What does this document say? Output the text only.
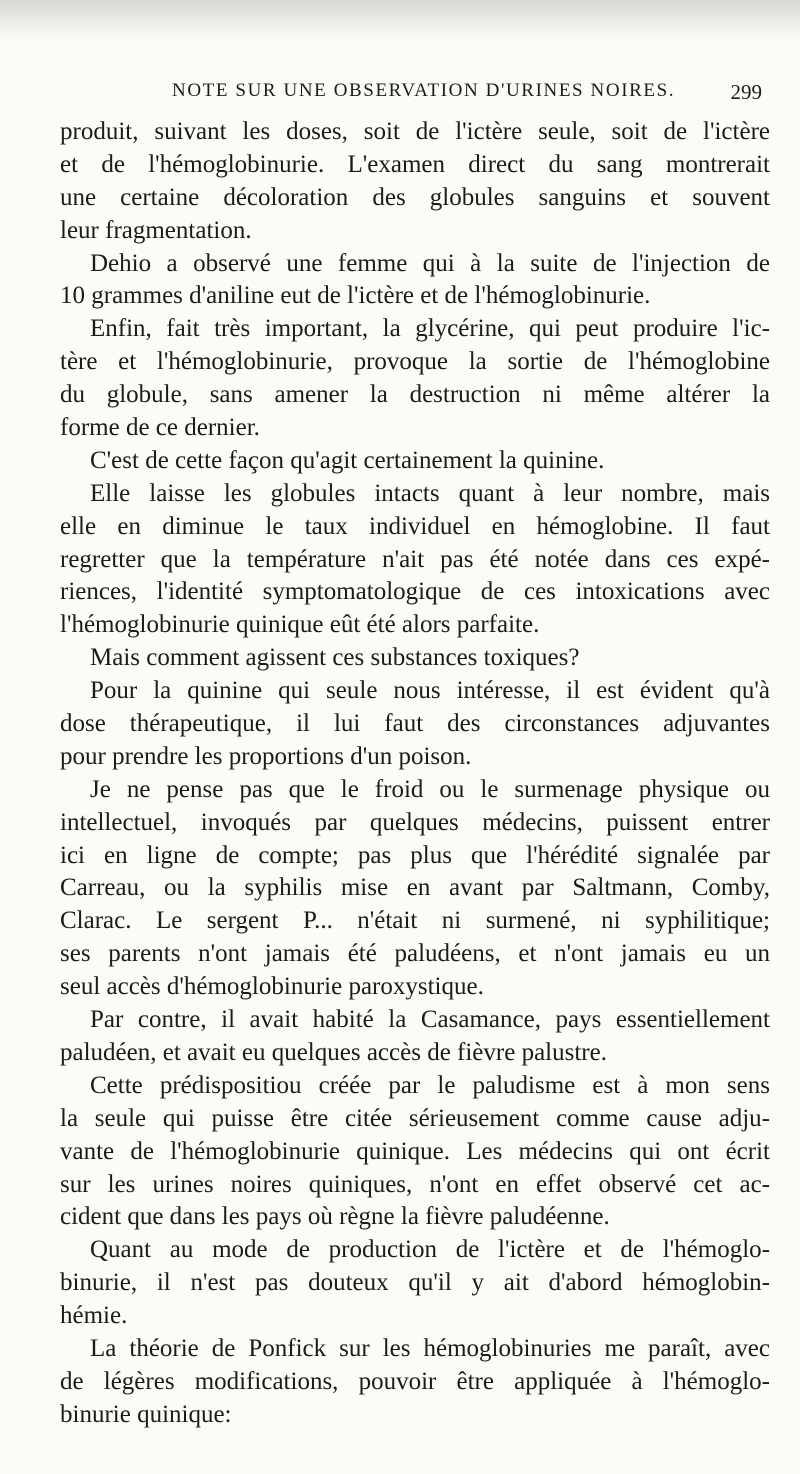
NOTE SUR UNE OBSERVATION D'URINES NOIRES.	299
produit, suivant les doses, soit de l'ictère seule, soit de l'ictère
et de l'hémoglobinurie. L'examen direct du sang montrerait
une certaine décoloration des globules sanguins et souvent
leur fragmentation.
Dehio a observé une femme qui à la suite de l'injection de
10 grammes d'aniline eut de l'ictère et de l'hémoglobinurie.
Enfin, fait très important, la glycérine, qui peut produire l'ic-
tère et l'hémoglobinurie, provoque la sortie de l'hémoglobine
du globule, sans amener la destruction ni même altérer la
forme de ce dernier.
C'est de cette façon qu'agit certainement la quinine.
Elle laisse les globules intacts quant à leur nombre, mais
elle en diminue le taux individuel en hémoglobine. Il faut
regretter que la température n'ait pas été notée dans ces expé-
riences, l'identité symptomatologique de ces intoxications avec
l'hémoglobinurie quinique eût été alors parfaite.
Mais comment agissent ces substances toxiques?
Pour la quinine qui seule nous intéresse, il est évident qu'à
dose thérapeutique, il lui faut des circonstances adjuvantes
pour prendre les proportions d'un poison.
Je ne pense pas que le froid ou le surmenage physique ou
intellectuel, invoqués par quelques médecins, puissent entrer
ici en ligne de compte; pas plus que l'hérédité signalée par
Carreau, ou la syphilis mise en avant par Saltmann, Comby,
Clarac. Le sergent P... n'était ni surmené, ni syphilitique;
ses parents n'ont jamais été paludéens, et n'ont jamais eu un
seul accès d'hémoglobinurie paroxystique.
Par contre, il avait habité la Casamance, pays essentiellement
paludéen, et avait eu quelques accès de fièvre palustre.
Cette prédispositiou créée par le paludisme est à mon sens
la seule qui puisse être citée sérieusement comme cause adju-
vante de l'hémoglobinurie quinique. Les médecins qui ont écrit
sur les urines noires quiniques, n'ont en effet observé cet ac-
cident que dans les pays où règne la fièvre paludéenne.
Quant au mode de production de l'ictère et de l'hémoglo-
binurie, il n'est pas douteux qu'il y ait d'abord hémoglobin-
hémie.
La théorie de Ponfick sur les hémoglobinuries me paraît, avec
de légères modifications, pouvoir être appliquée à l'hémoglo-
binurie quinique:
